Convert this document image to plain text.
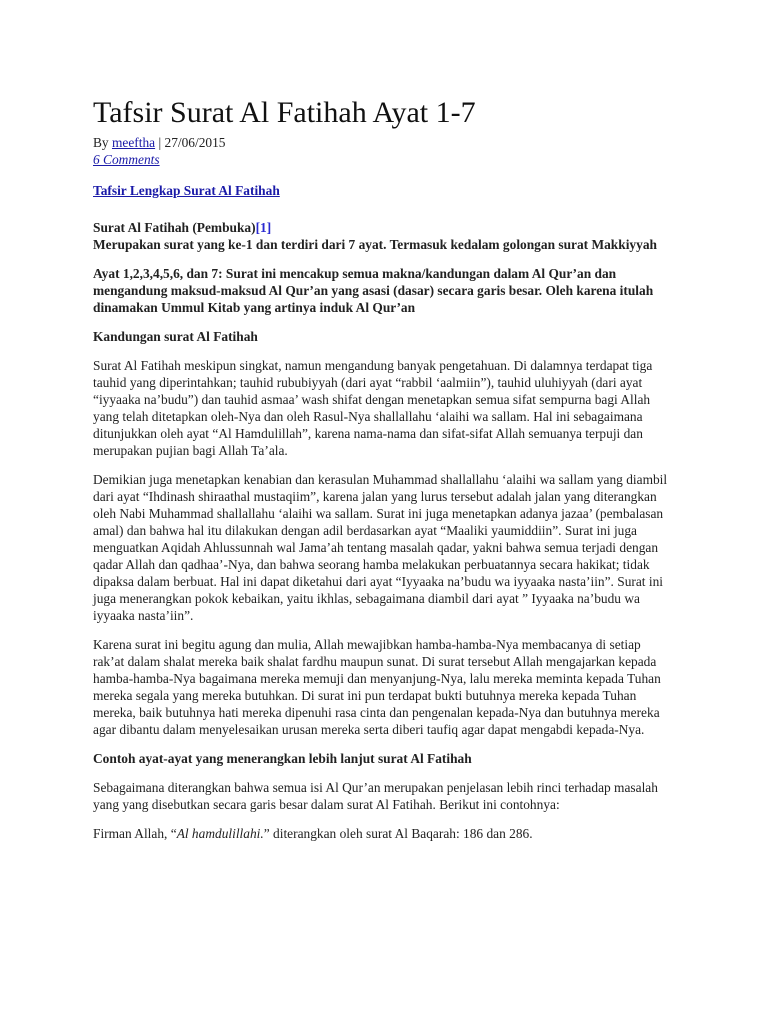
Tafsir Surat Al Fatihah Ayat 1-7
By meeftha | 27/06/2015
6 Comments
Tafsir Lengkap Surat Al Fatihah
Surat Al Fatihah (Pembuka)[1]

Merupakan surat yang ke-1 dan terdiri dari 7 ayat. Termasuk kedalam golongan surat Makkiyyah

Ayat 1,2,3,4,5,6, dan 7: Surat ini mencakup semua makna/kandungan dalam Al Qur’an dan mengandung maksud-maksud Al Qur’an yang asasi (dasar) secara garis besar. Oleh karena itulah dinamakan Ummul Kitab yang artinya induk Al Qur’an

Kandungan surat Al Fatihah

Surat Al Fatihah meskipun singkat, namun mengandung banyak pengetahuan. Di dalamnya terdapat tiga tauhid yang diperintahkan; tauhid rububiyyah (dari ayat “rabbil ‘aalmiin”), tauhid uluhiyyah (dari ayat “iyyaaka na’budu”) dan tauhid asmaa’ wash shifat dengan menetapkan semua sifat sempurna bagi Allah yang telah ditetapkan oleh-Nya dan oleh Rasul-Nya shallallahu ‘alaihi wa sallam. Hal ini sebagaimana ditunjukkan oleh ayat “Al Hamdulillah”, karena nama-nama dan sifat-sifat Allah semuanya terpuji dan merupakan pujian bagi Allah Ta’ala.

Demikian juga menetapkan kenabian dan kerasulan Muhammad shallallahu ‘alaihi wa sallam yang diambil dari ayat “Ihdinash shiraathal mustaqiim”, karena jalan yang lurus tersebut adalah jalan yang diterangkan oleh Nabi Muhammad shallallahu ‘alaihi wa sallam. Surat ini juga menetapkan adanya jazaa’ (pembalasan amal) dan bahwa hal itu dilakukan dengan adil berdasarkan ayat “Maaliki yaumiddiin”. Surat ini juga menguatkan Aqidah Ahlussunnah wal Jama’ah tentang masalah qadar, yakni bahwa semua terjadi dengan qadar Allah dan qadhaa’-Nya, dan bahwa seorang hamba melakukan perbuatannya secara hakikat; tidak dipaksa dalam berbuat. Hal ini dapat diketahui dari ayat “Iyyaaka na’budu wa iyyaaka nasta’iin”. Surat ini juga menerangkan pokok kebaikan, yaitu ikhlas, sebagaimana diambil dari ayat ” Iyyaaka na’budu wa iyyaaka nasta’iin”.

Karena surat ini begitu agung dan mulia, Allah mewajibkan hamba-hamba-Nya membacanya di setiap rak’at dalam shalat mereka baik shalat fardhu maupun sunat. Di surat tersebut Allah mengajarkan kepada hamba-hamba-Nya bagaimana mereka memuji dan menyanjung-Nya, lalu mereka meminta kepada Tuhan mereka segala yang mereka butuhkan. Di surat ini pun terdapat bukti butuhnya mereka kepada Tuhan mereka, baik butuhnya hati mereka dipenuhi rasa cinta dan pengenalan kepada-Nya dan butuhnya mereka agar dibantu dalam menyelesaikan urusan mereka serta diberi taufiq agar dapat mengabdi kepada-Nya.

Contoh ayat-ayat yang menerangkan lebih lanjut surat Al Fatihah

Sebagaimana diterangkan bahwa semua isi Al Qur’an merupakan penjelasan lebih rinci terhadap masalah yang yang disebutkan secara garis besar dalam surat Al Fatihah. Berikut ini contohnya:

Firman Allah, “Al hamdulillahi.” diterangkan oleh surat Al Baqarah: 186 dan 286.
